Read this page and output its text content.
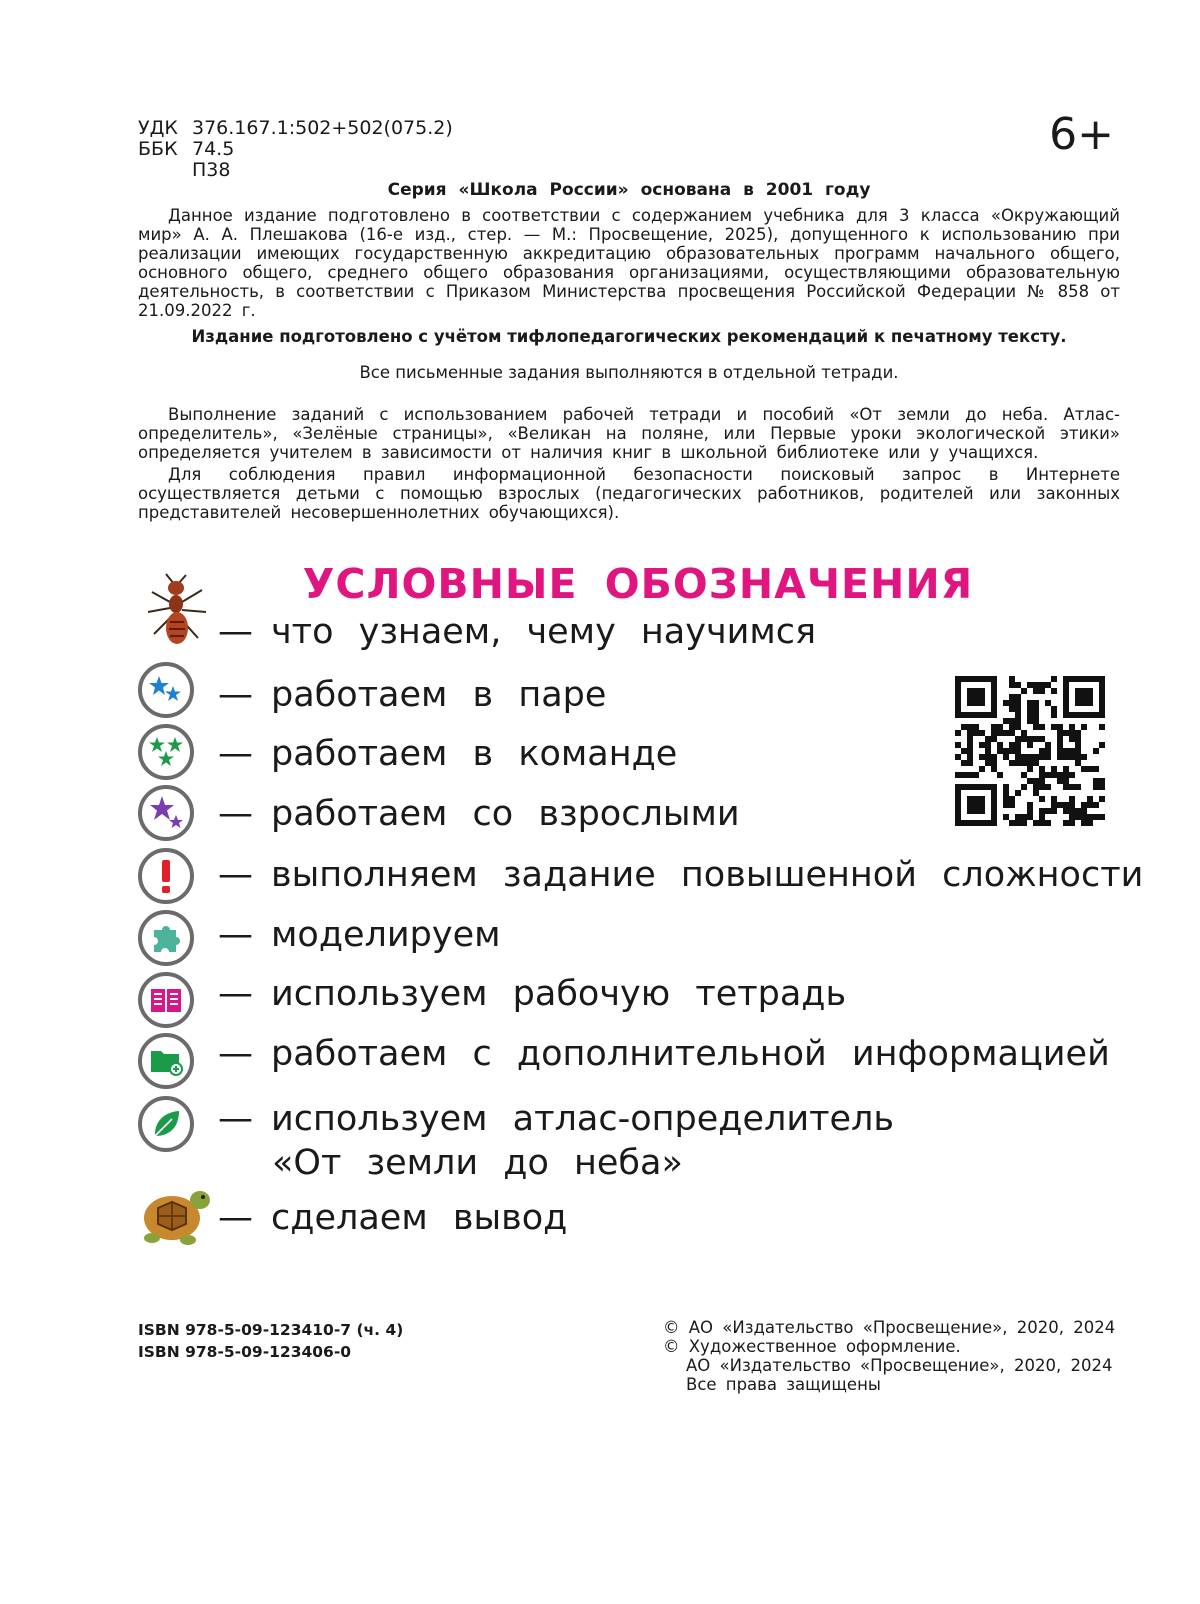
УДК 376.167.1:502+502(075.2)
ББК 74.5
П38
6+
Серия «Школа России» основана в 2001 году
Данное издание подготовлено в соответствии с содержанием учебника для 3 класса «Окружающий мир» А. А. Плешакова (16-е изд., стер. — М.: Просвещение, 2025), допущенного к использованию при реализации имеющих государственную аккредитацию образовательных программ начального общего, основного общего, среднего общего образования организациями, осуществляющими образовательную деятельность, в соответствии с Приказом Министерства просвещения Российской Федерации № 858 от 21.09.2022 г.
Издание подготовлено с учётом тифлопедагогических рекомендаций к печатному тексту.
Все письменные задания выполняются в отдельной тетради.
Выполнение заданий с использованием рабочей тетради и пособий «От земли до неба. Атлас-определитель», «Зелёные страницы», «Великан на поляне, или Первые уроки экологической этики» определяется учителем в зависимости от наличия книг в школьной библиотеке или у учащихся.
Для соблюдения правил информационной безопасности поисковый запрос в Интернете осуществляется детьми с помощью взрослых (педагогических работников, родителей или законных представителей несовершеннолетних обучающихся).
УСЛОВНЫЕ ОБОЗНАЧЕНИЯ
— что узнаем, чему научимся
— работаем в паре
— работаем в команде
— работаем со взрослыми
— выполняем задание повышенной сложности
— моделируем
— используем рабочую тетрадь
— работаем с дополнительной информацией
— используем атлас-определитель
«От земли до неба»
— сделаем вывод
ISBN 978-5-09-123410-7 (ч. 4)
ISBN 978-5-09-123406-0
© АО «Издательство «Просвещение», 2020, 2024
© Художественное оформление.
АО «Издательство «Просвещение», 2020, 2024
Все права защищены
